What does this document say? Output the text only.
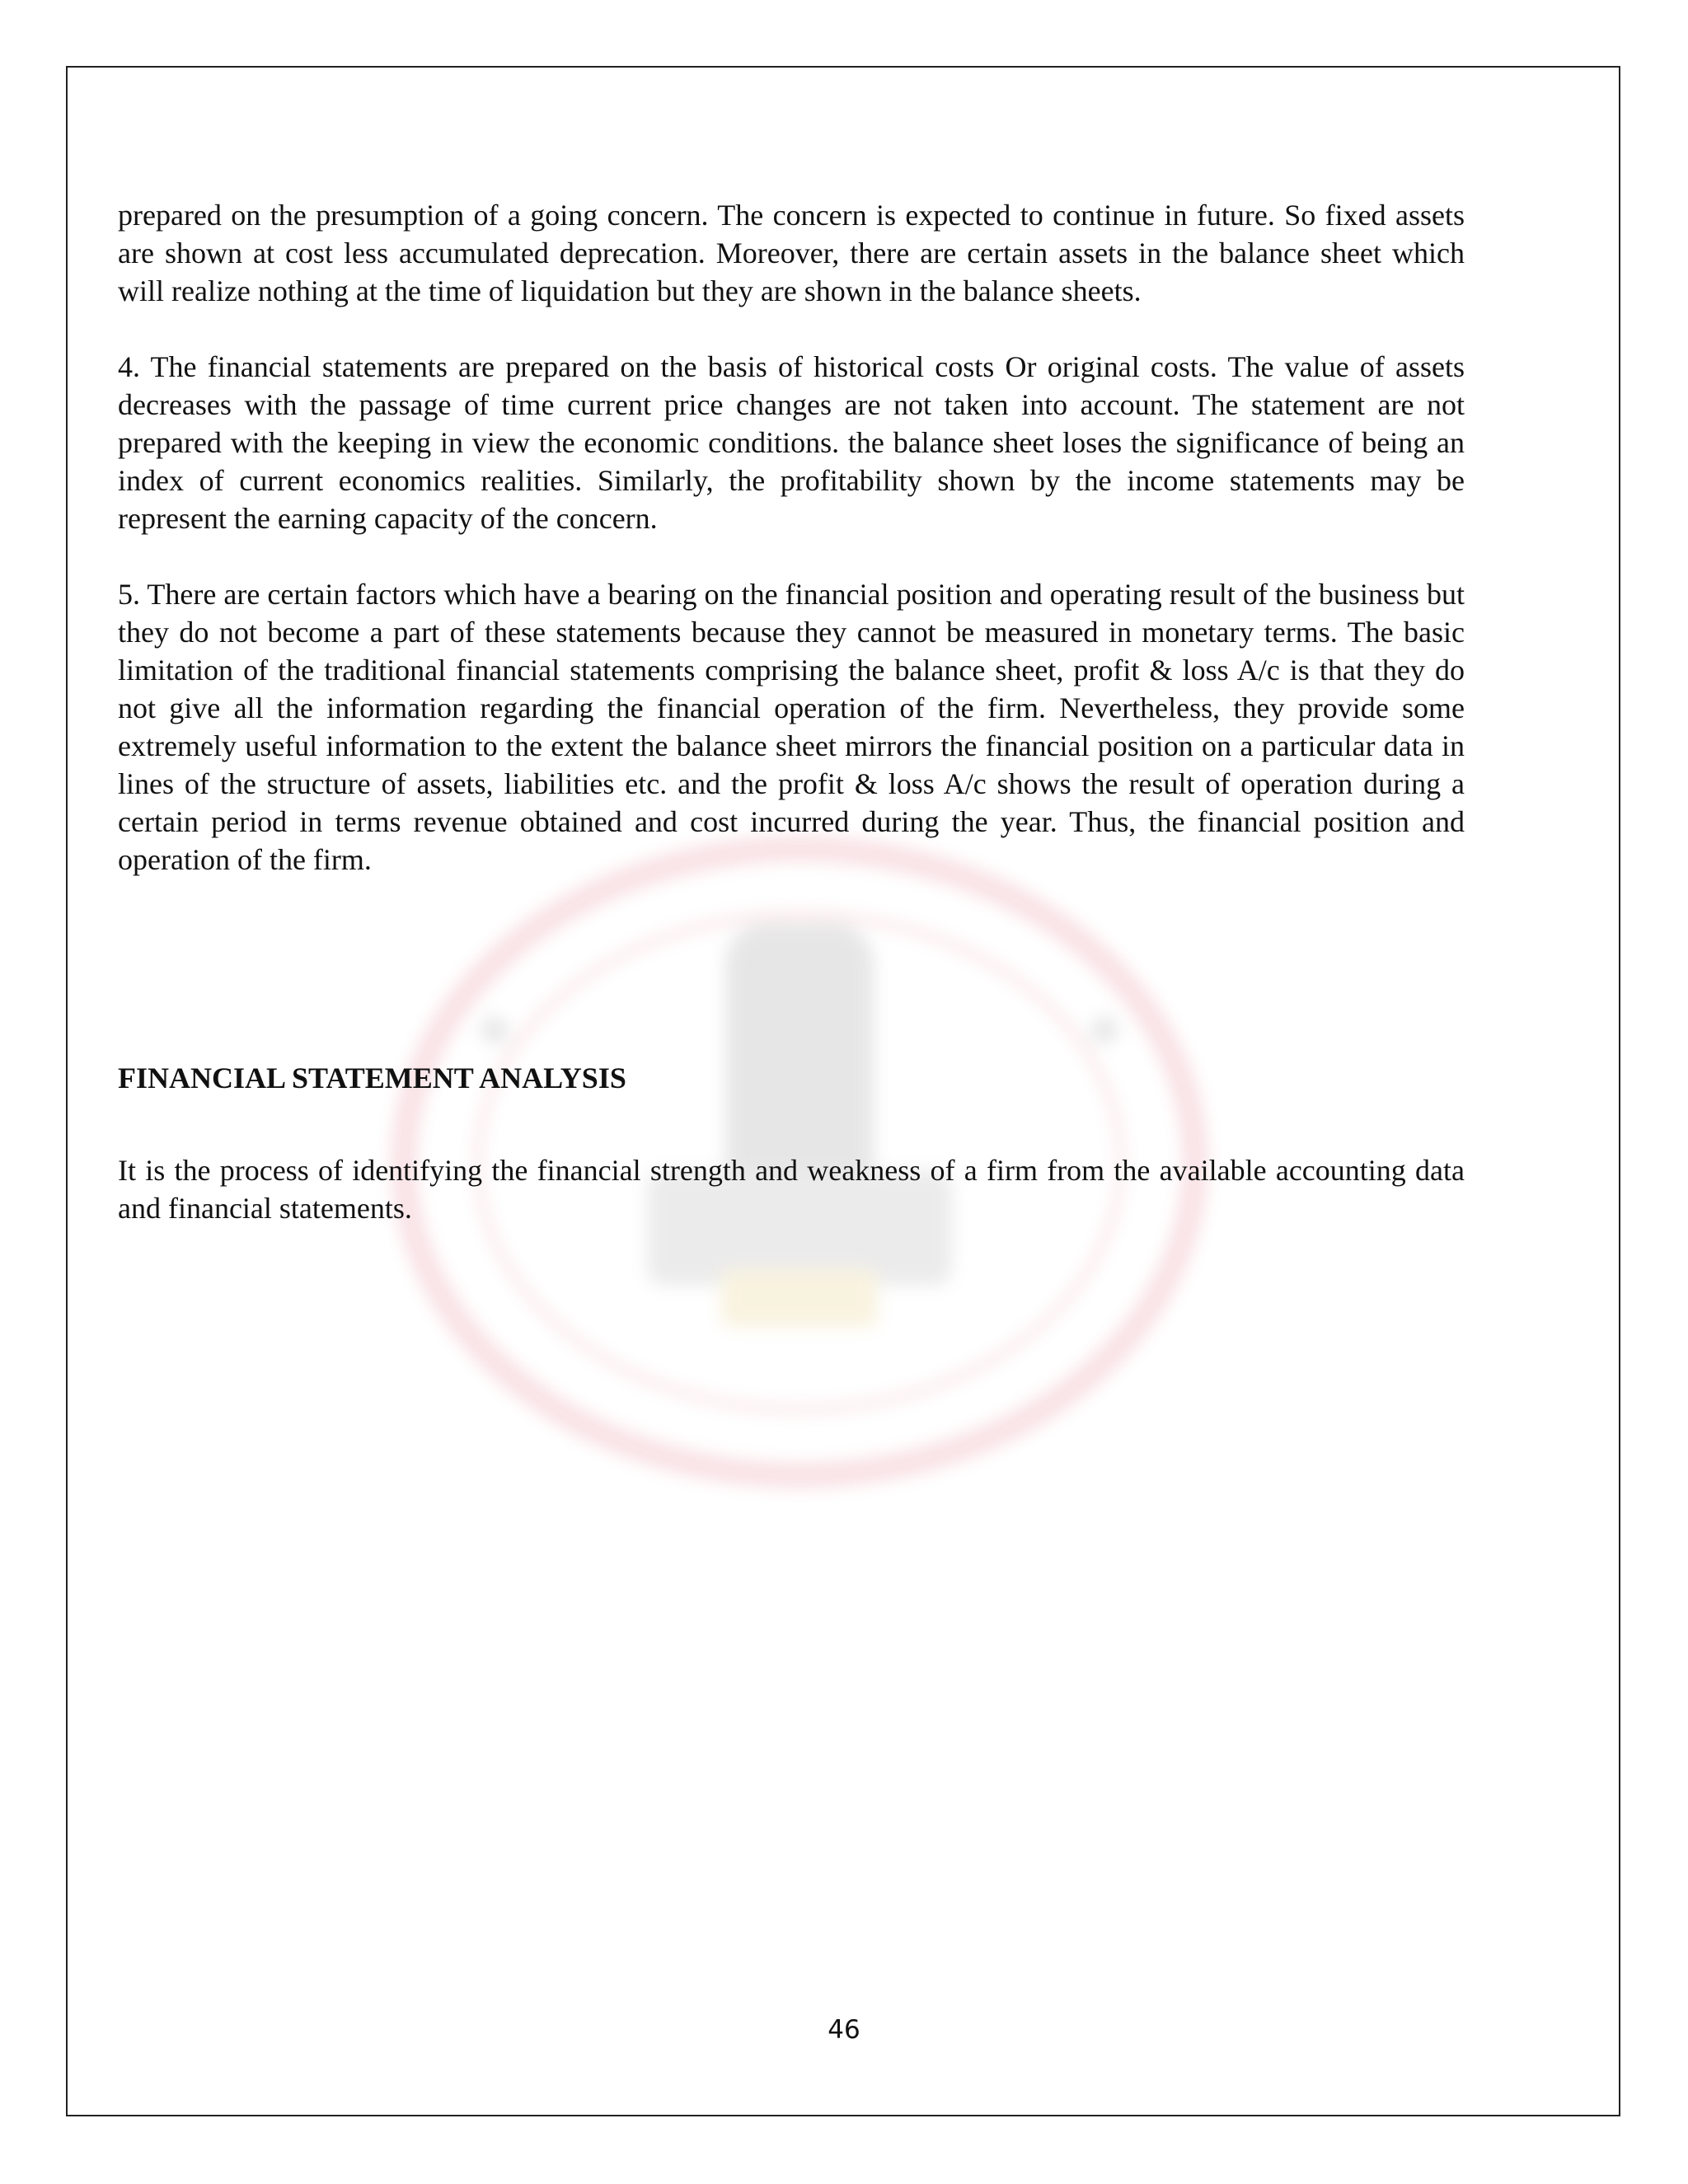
prepared on the presumption of a going concern. The concern is expected to continue in future. So fixed assets are shown at cost less accumulated deprecation. Moreover, there are certain assets in the balance sheet which will realize nothing at the time of liquidation but they are shown in the balance sheets.

4. The financial statements are prepared on the basis of historical costs Or original costs. The value of assets decreases with the passage of time current price changes are not taken into account. The statement are not prepared with the keeping in view the economic conditions. the balance sheet loses the significance of being an index of current economics realities. Similarly, the profitability shown by the income statements may be represent the earning capacity of the concern.

5. There are certain factors which have a bearing on the financial position and operating result of the business but they do not become a part of these statements because they cannot be measured in monetary terms. The basic limitation of the traditional financial statements comprising the balance sheet, profit & loss A/c is that they do not give all the information regarding the financial operation of the firm. Nevertheless, they provide some extremely useful information to the extent the balance sheet mirrors the financial position on a particular data in lines of the structure of assets, liabilities etc. and the profit & loss A/c shows the result of operation during a certain period in terms revenue obtained and cost incurred during the year. Thus, the financial position and operation of the firm.

FINANCIAL STATEMENT ANALYSIS

It is the process of identifying the financial strength and weakness of a firm from the available accounting data and financial statements.

46
